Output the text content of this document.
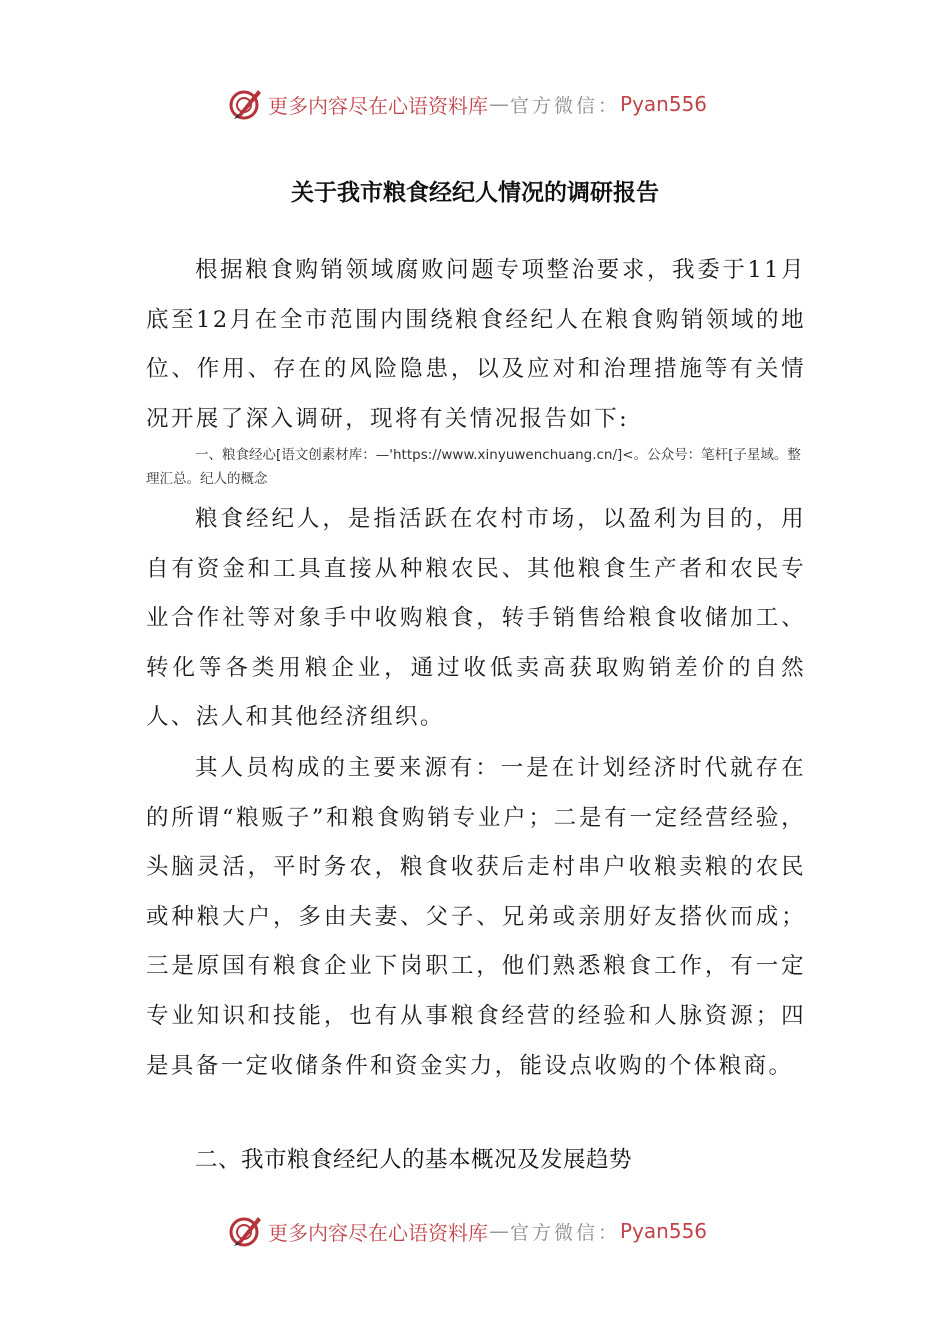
更多内容尽在心语资料库 — 官方微信： Pyan556
关于我市粮食经纪人情况的调研报告

根据粮食购销领域腐败问题专项整治要求，我委于11月底至12月在全市范围内围绕粮食经纪人在粮食购销领域的地位、作用、存在的风险隐患，以及应对和治理措施等有关情况开展了深入调研，现将有关情况报告如下:

一、粮食经心[语文创素材库：—'https://www.xinyuwenchuang.cn/]<。公众号：笔杆[子星域。整理汇总。纪人的概念

粮食经纪人，是指活跃在农村市场，以盈利为目的，用自有资金和工具直接从种粮农民、其他粮食生产者和农民专业合作社等对象手中收购粮食，转手销售给粮食收储加工、转化等各类用粮企业，通过收低卖高获取购销差价的自然人、法人和其他经济组织。

其人员构成的主要来源有：一是在计划经济时代就存在的所谓“粮贩子”和粮食购销专业户；二是有一定经营经验，头脑灵活，平时务农，粮食收获后走村串户收粮卖粮的农民或种粮大户，多由夫妻、父子、兄弟或亲朋好友搭伙而成；三是原国有粮食企业下岗职工，他们熟悉粮食工作，有一定专业知识和技能，也有从事粮食经营的经验和人脉资源；四是具备一定收储条件和资金实力，能设点收购的个体粮商。

二、我市粮食经纪人的基本概况及发展趋势

更多内容尽在心语资料库 — 官方微信： Pyan556
